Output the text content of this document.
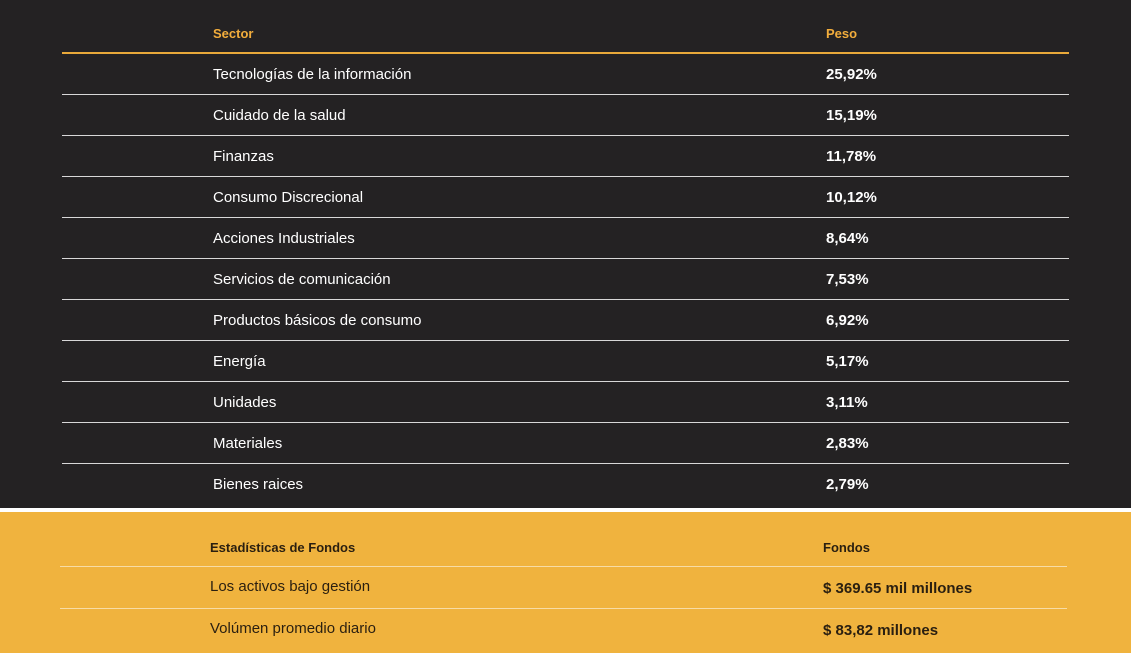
Sector	Peso
Tecnologías de la información	25,92%
Cuidado de la salud	15,19%
Finanzas	11,78%
Consumo Discrecional	10,12%
Acciones Industriales	8,64%
Servicios de comunicación	7,53%
Productos básicos de consumo	6,92%
Energía	5,17%
Unidades	3,11%
Materiales	2,83%
Bienes raices	2,79%
Estadísticas de Fondos	Fondos
Los activos bajo gestión	$ 369.65 mil millones
Volúmen promedio diario	$ 83,82 millones
